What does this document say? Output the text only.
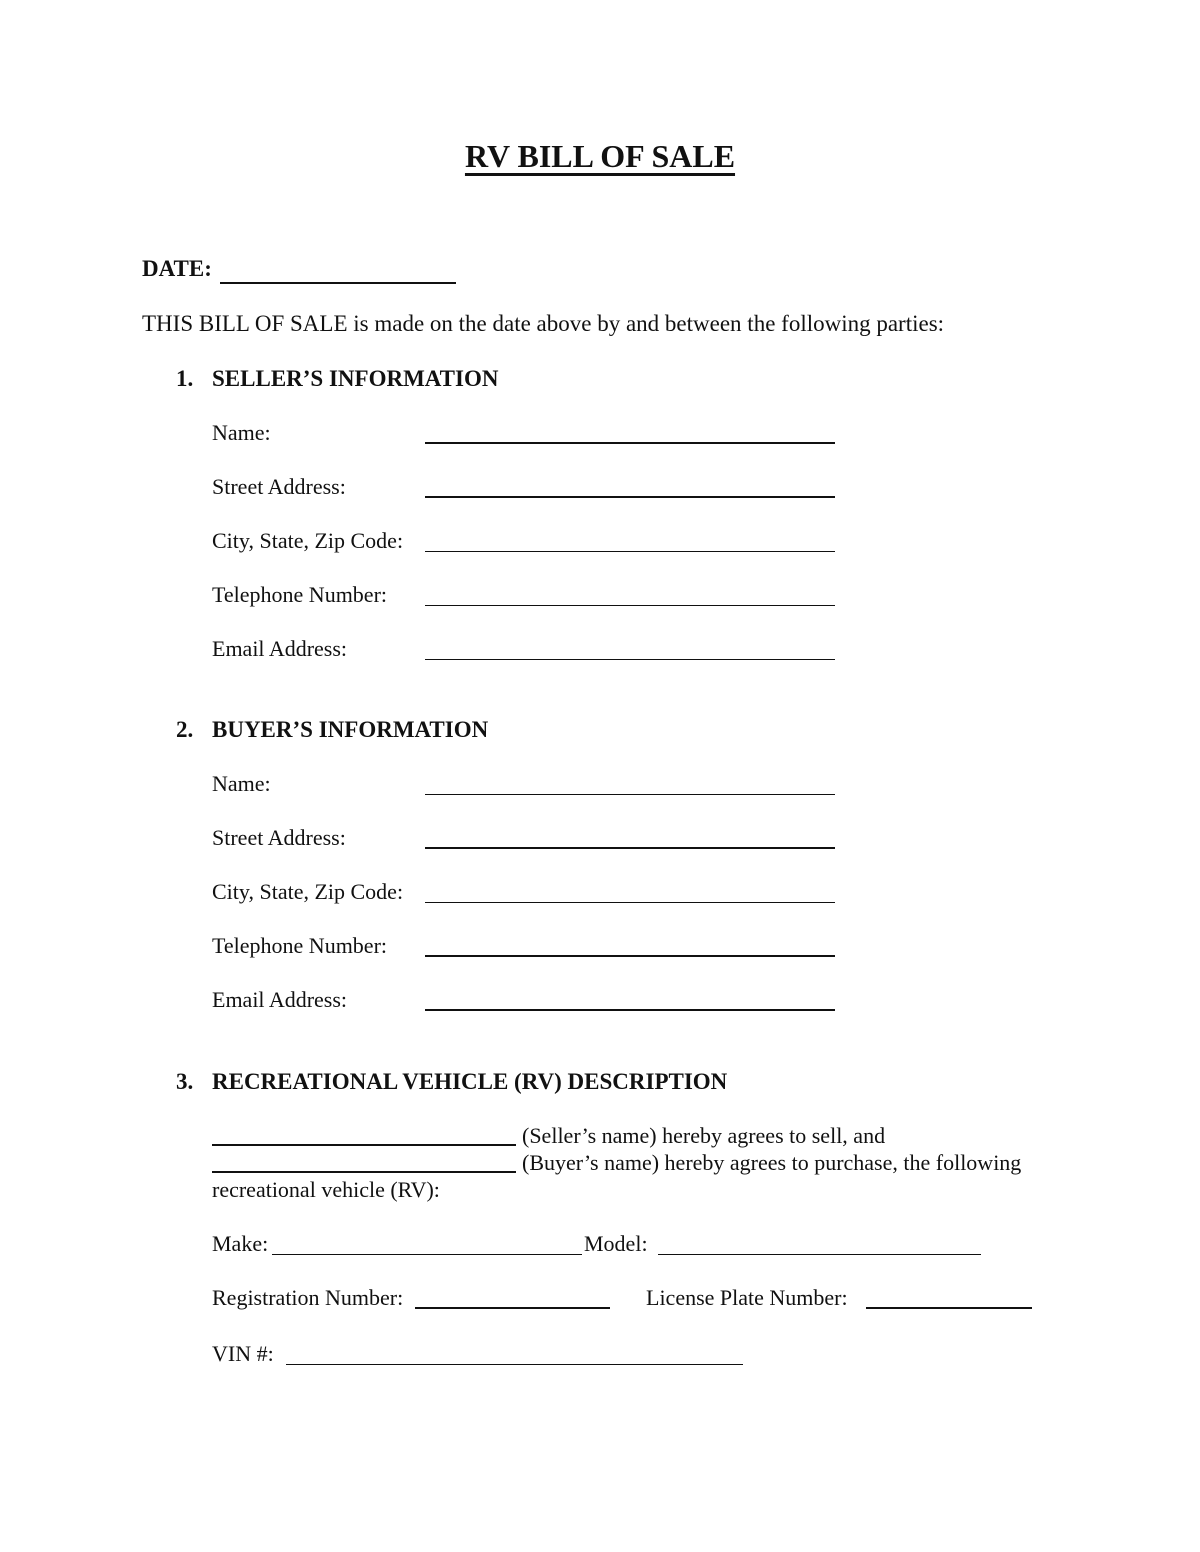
RV BILL OF SALE
DATE:
THIS BILL OF SALE is made on the date above by and between the following parties:
1. SELLER’S INFORMATION
Name:
Street Address:
City, State, Zip Code:
Telephone Number:
Email Address:
2. BUYER’S INFORMATION
Name:
Street Address:
City, State, Zip Code:
Telephone Number:
Email Address:
3. RECREATIONAL VEHICLE (RV) DESCRIPTION
(Seller’s name) hereby agrees to sell, and
(Buyer’s name) hereby agrees to purchase, the following
recreational vehicle (RV):
Make:	Model:
Registration Number:	License Plate Number:
VIN #:
